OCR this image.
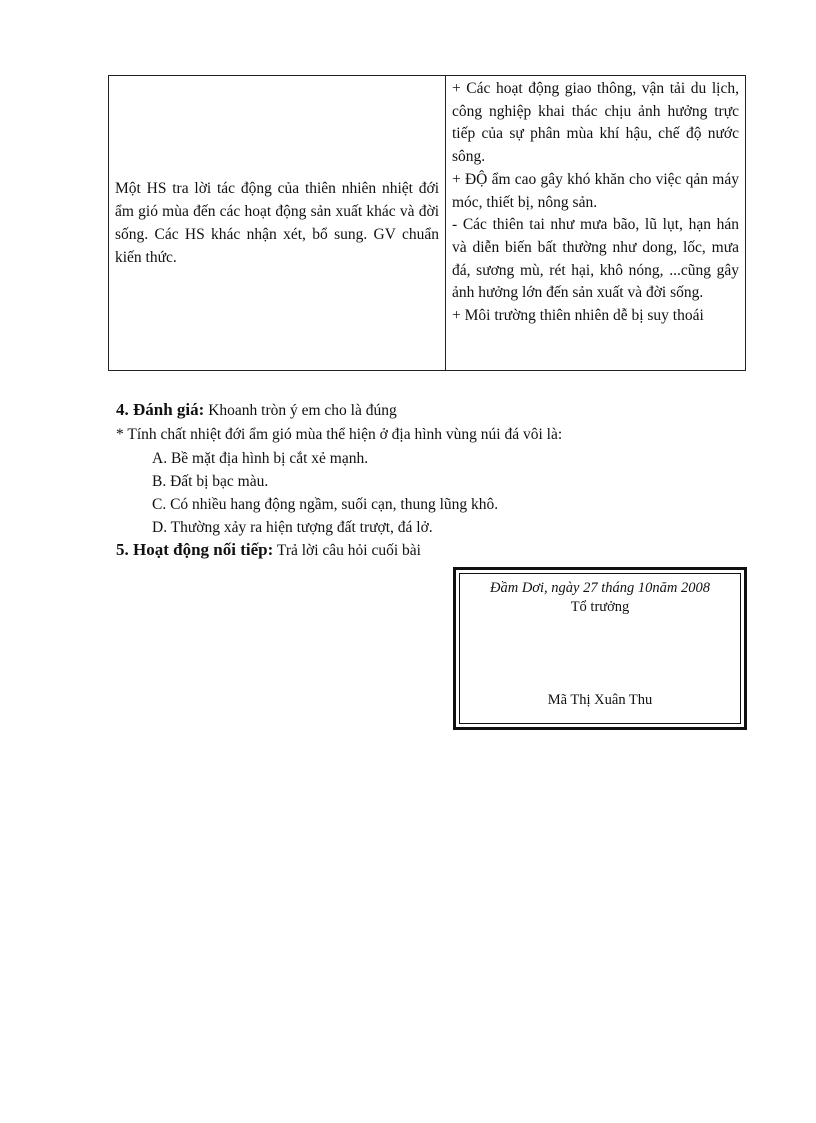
Một HS tra lời tác động của thiên nhiên nhiệt đới ẩm gió mùa đến các hoạt động sản xuất khác và đời sống. Các HS khác nhận xét, bổ sung. GV chuẩn kiến thức.

+ Các hoạt động giao thông, vận tải du lịch, công nghiệp khai thác chịu ảnh hưởng trực tiếp của sự phân mùa khí hậu, chế độ nước sông.

+ ĐỘ ẩm cao gây khó khăn cho việc qản máy móc, thiết bị, nông sản.

- Các thiên tai như mưa bão, lũ lụt, hạn hán và diễn biến bất thường như dong, lốc, mưa đá, sương mù, rét hại, khô nóng, ...cũng gây ảnh hưởng lớn đến sản xuất và đời sống.

+ Môi trường thiên nhiên dễ bị suy thoái

4. Đánh giá: Khoanh tròn ý em cho là đúng

* Tính chất nhiệt đới ẩm gió mùa thể hiện ở địa hình vùng núi đá vôi là:

A. Bề mặt địa hình bị cắt xẻ mạnh.

B. Đất bị bạc màu.

C. Có nhiều hang động ngầm, suối cạn, thung lũng khô.

D. Thường xảy ra hiện tượng đất trượt, đá lở.

5. Hoạt động nối tiếp: Trả lời câu hỏi cuối bài

Đầm Dơi, ngày 27 tháng 10năm 2008
Tổ trưởng
Mã Thị Xuân Thu
